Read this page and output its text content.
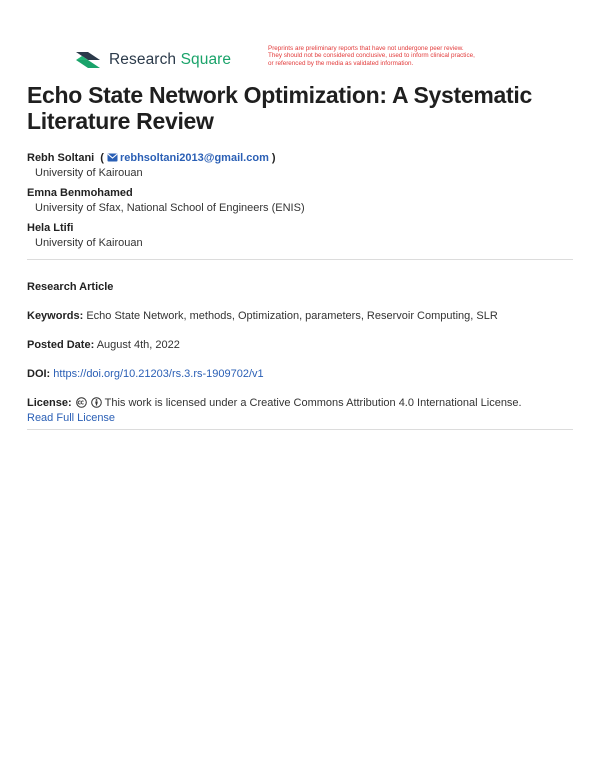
Research Square
Preprints are preliminary reports that have not undergone peer review.
They should not be considered conclusive, used to inform clinical practice,
or referenced by the media as validated information.
Echo State Network Optimization: A Systematic Literature Review
Rebh Soltani ( rebhsoltani2013@gmail.com )
University of Kairouan
Emna Benmohamed
University of Sfax, National School of Engineers (ENIS)
Hela Ltifi
University of Kairouan
Research Article
Keywords: Echo State Network, methods, Optimization, parameters, Reservoir Computing, SLR
Posted Date: August 4th, 2022
DOI: https://doi.org/10.21203/rs.3.rs-1909702/v1
License:	This work is licensed under a Creative Commons Attribution 4.0 International License.
Read Full License
